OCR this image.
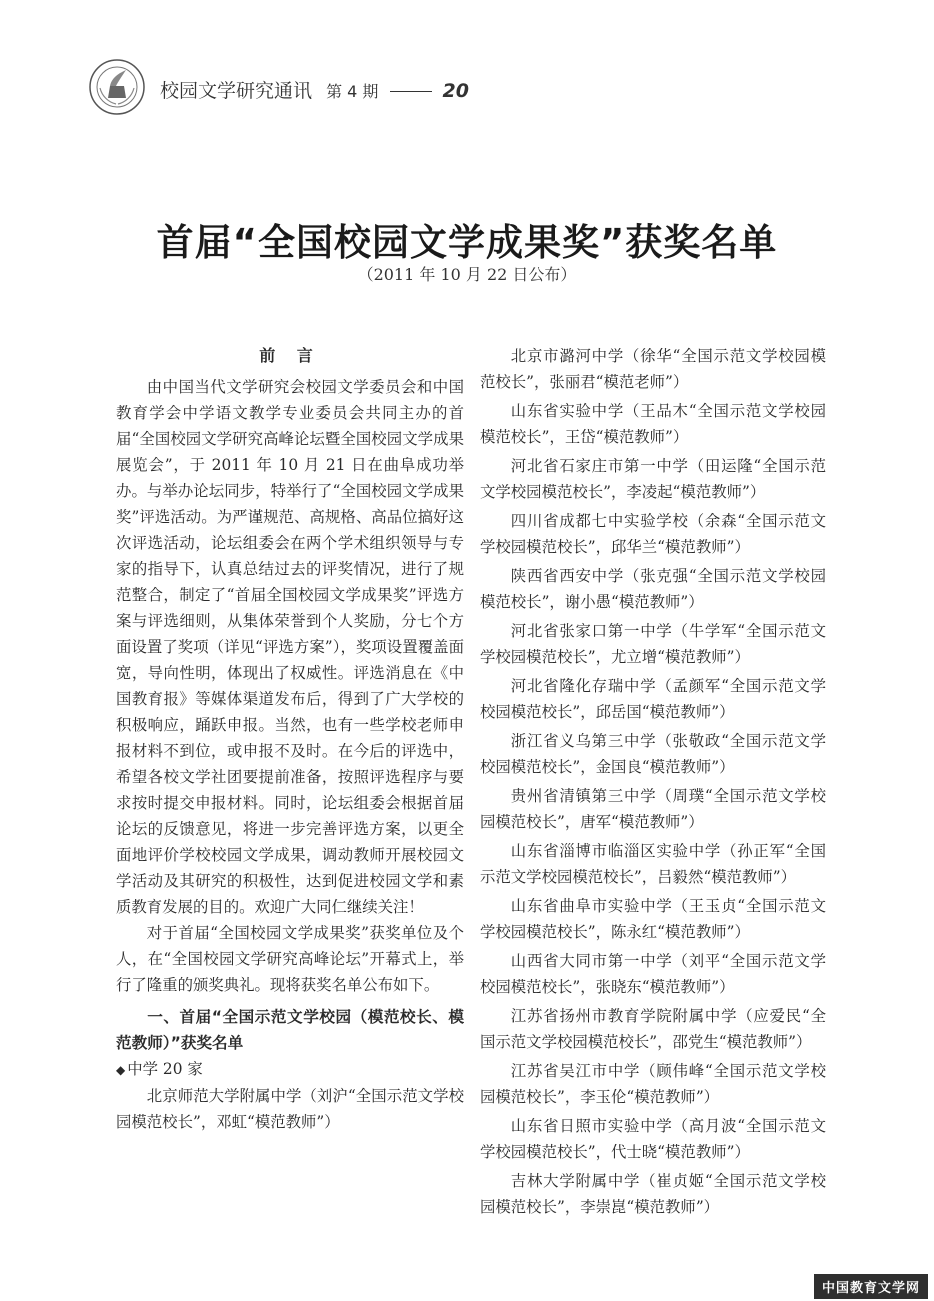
校园文学研究通讯 第 4 期	20
首届“全国校园文学成果奖”获奖名单
（2011 年 10 月 22 日公布）
前 言

由中国当代文学研究会校园文学委员会和中国教育学会中学语文教学专业委员会共同主办的首届“全国校园文学研究高峰论坛暨全国校园文学成果展览会”，于 2011 年 10 月 21 日在曲阜成功举办。与举办论坛同步，特举行了“全国校园文学成果奖”评选活动。为严谨规范、高规格、高品位搞好这次评选活动，论坛组委会在两个学术组织领导与专家的指导下，认真总结过去的评奖情况，进行了规范整合，制定了“首届全国校园文学成果奖”评选方案与评选细则，从集体荣誉到个人奖励，分七个方面设置了奖项（详见“评选方案”），奖项设置覆盖面宽，导向性明，体现出了权威性。评选消息在《中国教育报》等媒体渠道发布后，得到了广大学校的积极响应，踊跃申报。当然，也有一些学校老师申报材料不到位，或申报不及时。在今后的评选中，希望各校文学社团要提前准备，按照评选程序与要求按时提交申报材料。同时，论坛组委会根据首届论坛的反馈意见，将进一步完善评选方案，以更全面地评价学校校园文学成果，调动教师开展校园文学活动及其研究的积极性，达到促进校园文学和素质教育发展的目的。欢迎广大同仁继续关注！

对于首届“全国校园文学成果奖”获奖单位及个人，在“全国校园文学研究高峰论坛”开幕式上，举行了隆重的颁奖典礼。现将获奖名单公布如下。

一、首届“全国示范文学校园（模范校长、模范教师）”获奖名单

◆ 中学 20 家

北京师范大学附属中学（刘沪“全国示范文学校园模范校长”，邓虹“模范教师”）

北京市潞河中学（徐华“全国示范文学校园模范校长”，张丽君“模范老师”）

山东省实验中学（王品木“全国示范文学校园模范校长”，王岱“模范教师”）

河北省石家庄市第一中学（田运隆“全国示范文学校园模范校长”，李凌起“模范教师”）

四川省成都七中实验学校（余森“全国示范文学校园模范校长”，邱华兰“模范教师”）

陕西省西安中学（张克强“全国示范文学校园模范校长”，谢小愚“模范教师”）

河北省张家口第一中学（牛学军“全国示范文学校园模范校长”，尤立增“模范教师”）

河北省隆化存瑞中学（孟颜军“全国示范文学校园模范校长”，邱岳国“模范教师”）

浙江省义乌第三中学（张敬政“全国示范文学校园模范校长”，金国良“模范教师”）

贵州省清镇第三中学（周璞“全国示范文学校园模范校长”，唐军“模范教师”）

山东省淄博市临淄区实验中学（孙正军“全国示范文学校园模范校长”，吕毅然“模范教师”）

山东省曲阜市实验中学（王玉贞“全国示范文学校园模范校长”，陈永红“模范教师”）

山西省大同市第一中学（刘平“全国示范文学校园模范校长”，张晓东“模范教师”）

江苏省扬州市教育学院附属中学（应爱民“全国示范文学校园模范校长”，邵党生“模范教师”）

江苏省吴江市中学（顾伟峰“全国示范文学校园模范校长”，李玉伦“模范教师”）

山东省日照市实验中学（高月波“全国示范文学校园模范校长”，代士晓“模范教师”）

吉林大学附属中学（崔贞姬“全国示范文学校园模范校长”，李崇崑“模范教师”）

中国教育文学网
